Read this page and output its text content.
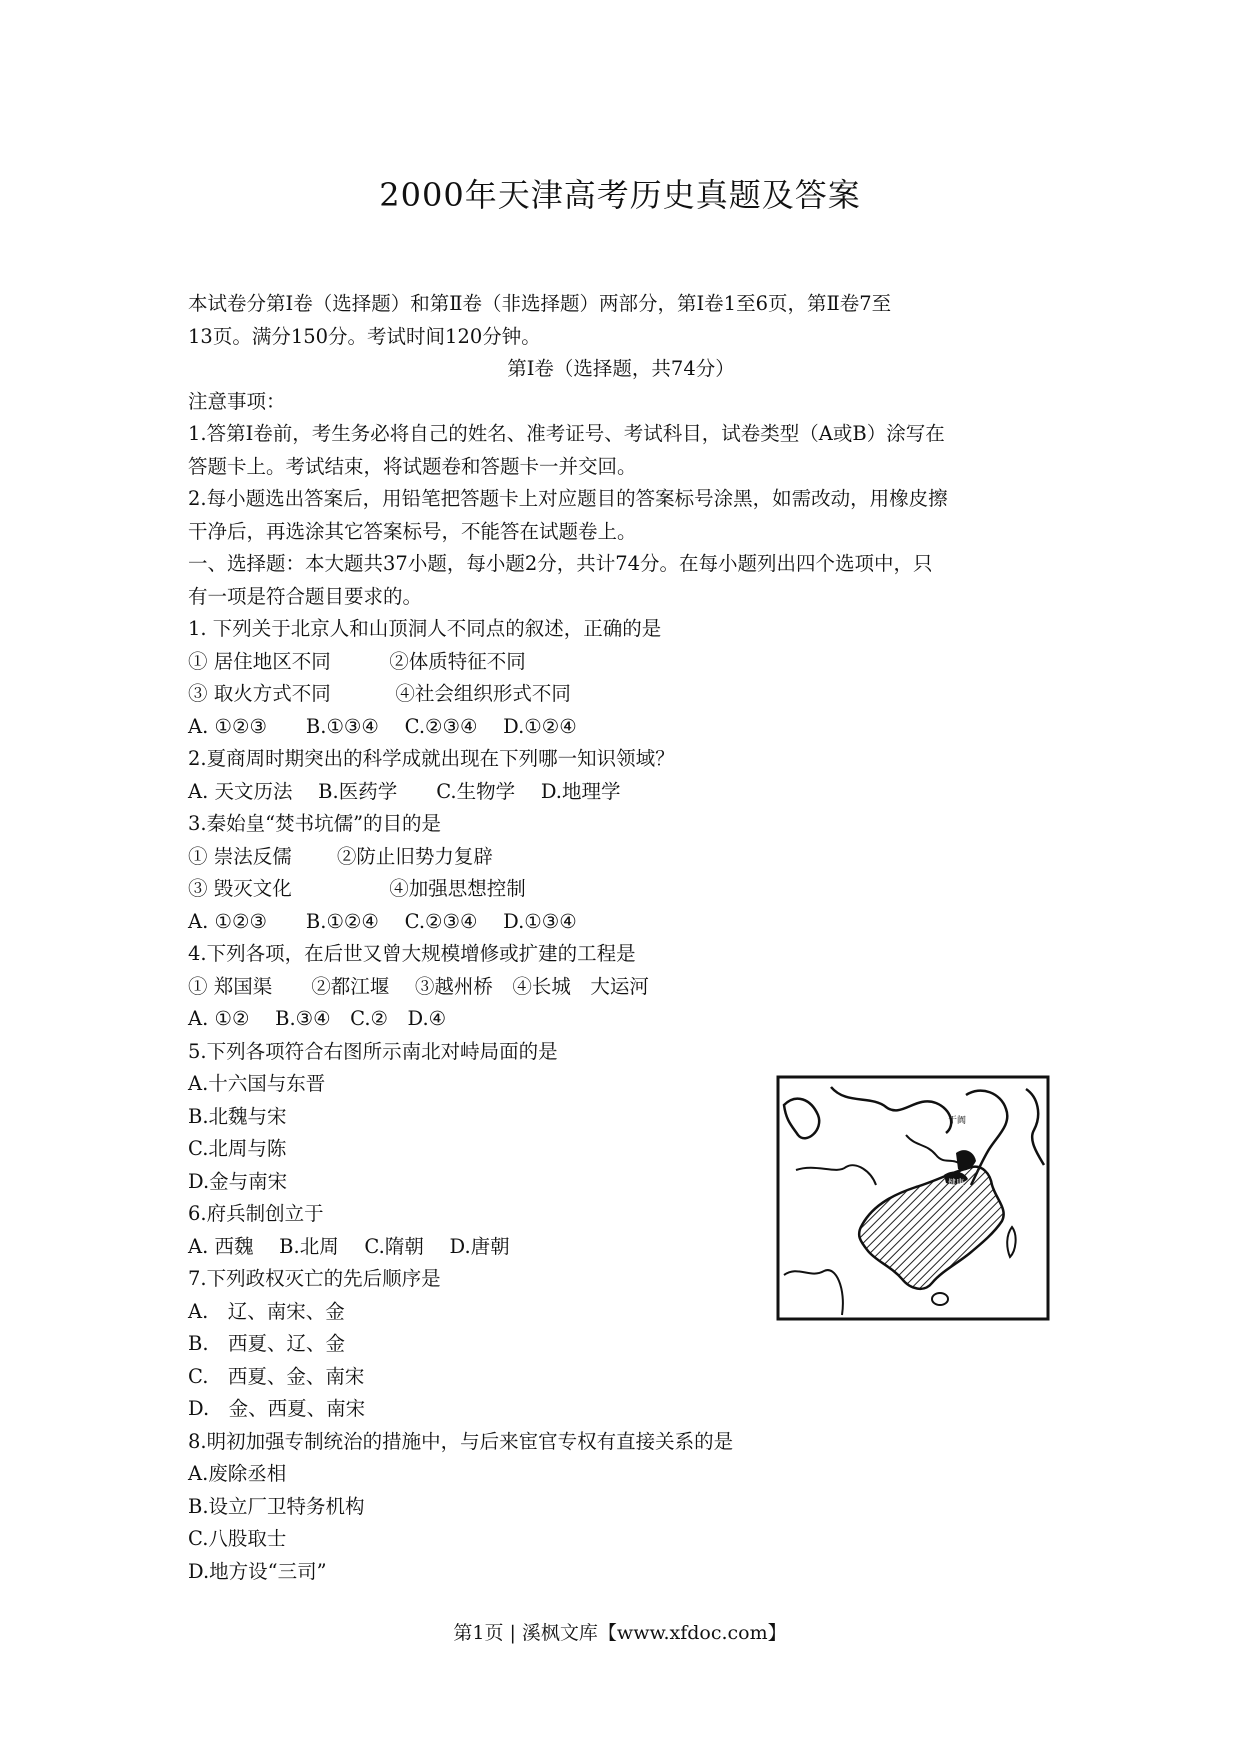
2000年天津高考历史真题及答案

本试卷分第Ⅰ卷（选择题）和第Ⅱ卷（非选择题）两部分，第Ⅰ卷1至6页，第Ⅱ卷7至

13页。满分150分。考试时间120分钟。

第Ⅰ卷（选择题，共74分）

注意事项：

1.答第Ⅰ卷前，考生务必将自己的姓名、准考证号、考试科目，试卷类型（A或B）涂写在

答题卡上。考试结束，将试题卷和答题卡一并交回。

2.每小题选出答案后，用铅笔把答题卡上对应题目的答案标号涂黑，如需改动，用橡皮擦

干净后，再选涂其它答案标号，不能答在试题卷上。

一、选择题：本大题共37小题，每小题2分，共计74分。在每小题列出四个选项中，只

有一项是符合题目要求的。

1. 下列关于北京人和山顶洞人不同点的叙述，正确的是

① 居住地区不同　　　②体质特征不同

③ 取火方式不同　　　 ④社会组织形式不同

A. ①②③　　B.①③④　 C.②③④　 D.①②④

2.夏商周时期突出的科学成就出现在下列哪一知识领域？

A. 天文历法　 B.医药学　　C.生物学　 D.地理学

3.秦始皇“焚书坑儒”的目的是

① 崇法反儒　　 ②防止旧势力复辟

③ 毁灭文化　　　　　④加强思想控制

A. ①②③　　B.①②④　 C.②③④　 D.①③④

4.下列各项，在后世又曾大规模增修或扩建的工程是

① 郑国渠　　②都江堰　 ③越州桥　④长城　大运河

A. ①②　 B.③④　C.②　D.④

5.下列各项符合右图所示南北对峙局面的是

A.十六国与东晋

B.北魏与宋

C.北周与陈

D.金与南宋

6.府兵制创立于

A. 西魏　 B.北周　 C.隋朝　 D.唐朝

7.下列政权灭亡的先后顺序是

A.　辽、南宋、金

B.　西夏、辽、金

C.　西夏、金、南宋

D.　金、西夏、南宋

8.明初加强专制统治的措施中，与后来宦官专权有直接关系的是

A.废除丞相

B.设立厂卫特务机构

C.八股取士

D.地方设“三司”

于阗
健康
第1页 | 溪枫文库【www.xfdoc.com】
